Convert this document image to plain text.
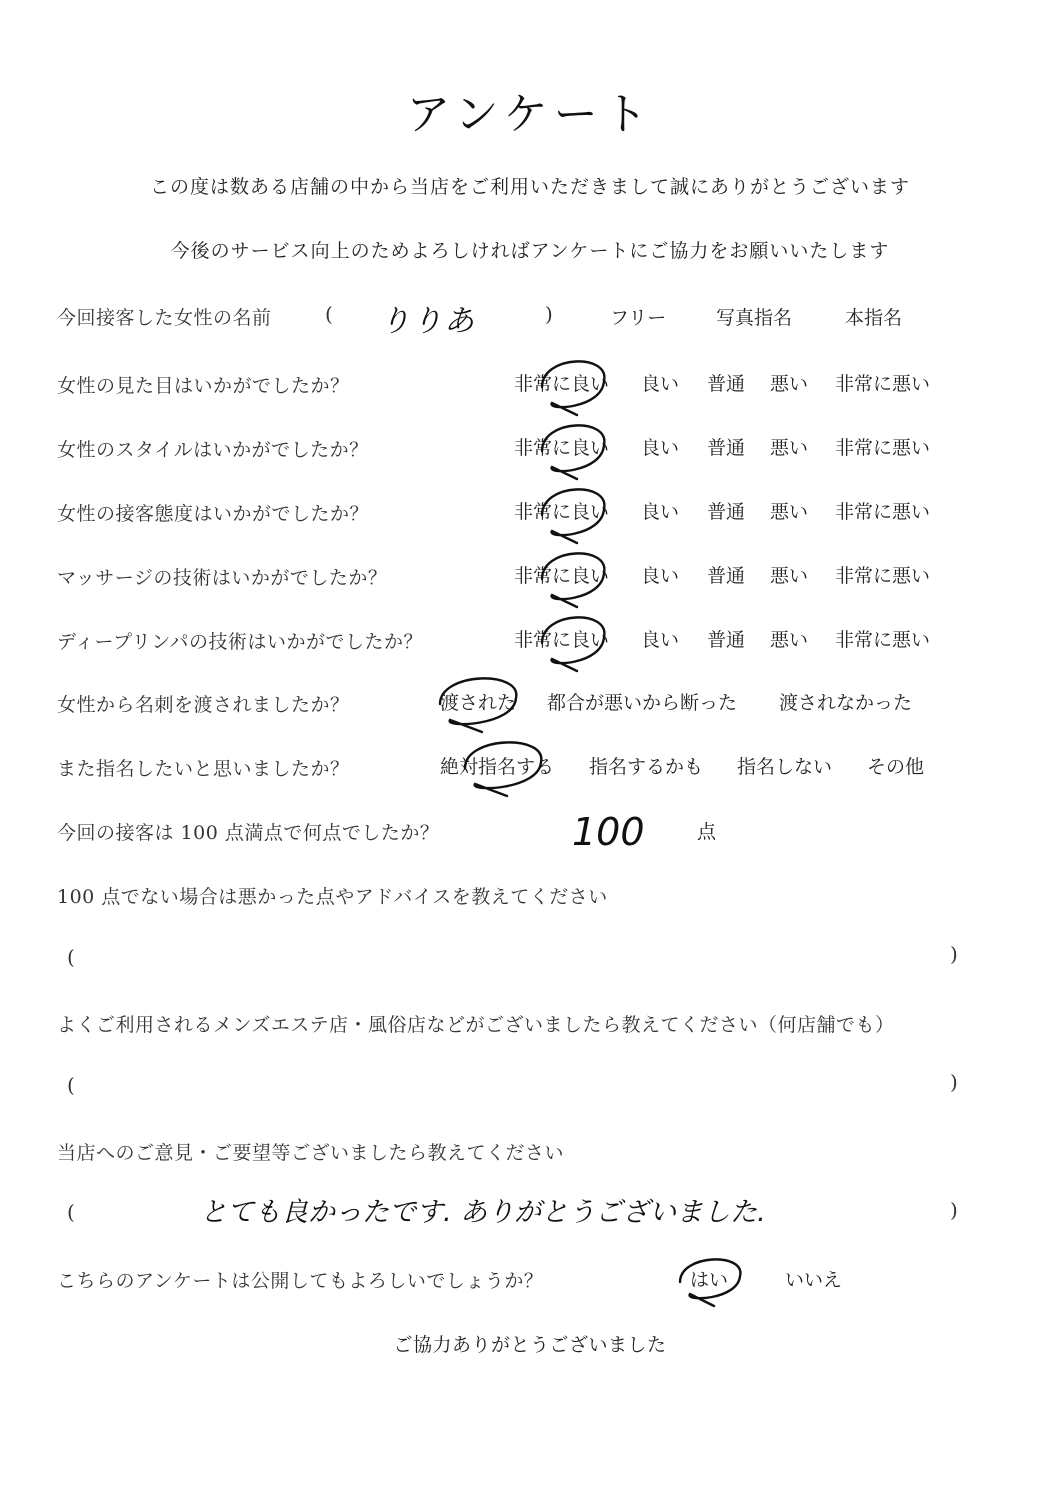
アンケート
この度は数ある店舗の中から当店をご利用いただきまして誠にありがとうございます
今後のサービス向上のためよろしければアンケートにご協力をお願いいたします
今回接客した女性の名前	( りりあ	)	フリー	写真指名	本指名
女性の見た目はいかがでしたか？	非常に良い 良い 普通 悪い 非常に悪い
女性のスタイルはいかがでしたか？	非常に良い 良い 普通 悪い 非常に悪い
女性の接客態度はいかがでしたか？	非常に良い 良い 普通 悪い 非常に悪い
マッサージの技術はいかがでしたか？	非常に良い 良い 普通 悪い 非常に悪い
ディープリンパの技術はいかがでしたか？	非常に良い 良い 普通 悪い 非常に悪い
女性から名刺を渡されましたか？	渡された 都合が悪いから断った 渡されなかった
また指名したいと思いましたか？	絶対指名する 指名するかも 指名しない その他
今回の接客は 100 点満点で何点でしたか？	100	点
100 点でない場合は悪かった点やアドバイスを教えてください
(	)
よくご利用されるメンズエステ店・風俗店などがございましたら教えてください（何店舗でも）
(	)
当店へのご意見・ご要望等ございましたら教えてください
(	とても良かったです. ありがとうございました.	)
こちらのアンケートは公開してもよろしいでしょうか？	はい	いいえ
ご協力ありがとうございました
